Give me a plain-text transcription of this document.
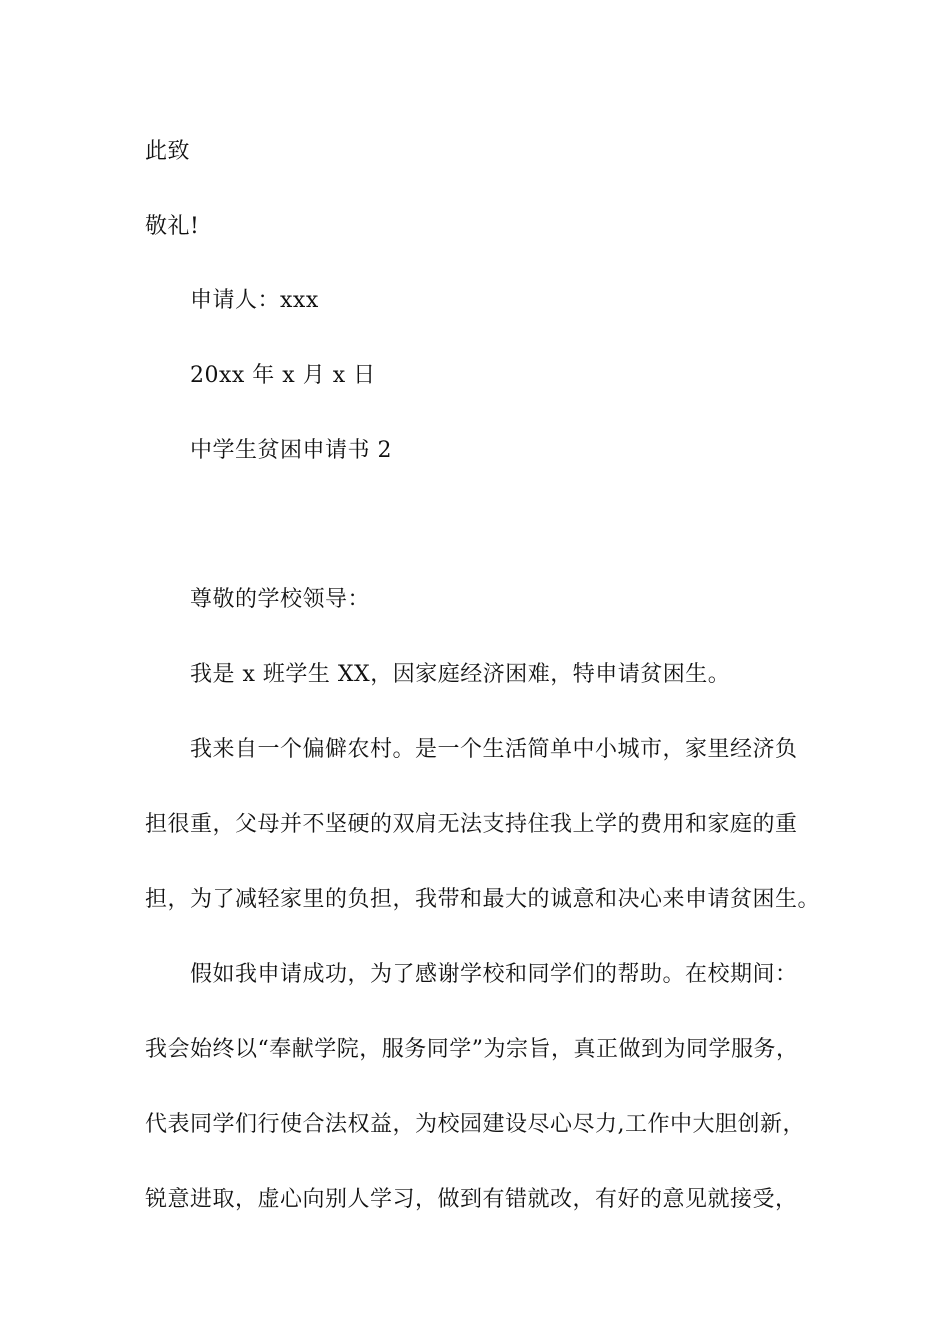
此致
敬礼!
申请人：xxx
20xx 年 x 月 x 日
中学生贫困申请书 2
尊敬的学校领导：
我是 x 班学生 XX，因家庭经济困难，特申请贫困生。
我来自一个偏僻农村。是一个生活简单中小城市，家里经济负
担很重，父母并不坚硬的双肩无法支持住我上学的费用和家庭的重
担，为了减轻家里的负担，我带和最大的诚意和决心来申请贫困生。
假如我申请成功，为了感谢学校和同学们的帮助。在校期间：
我会始终以“奉献学院，服务同学”为宗旨，真正做到为同学服务，
代表同学们行使合法权益，为校园建设尽心尽力,工作中大胆创新，
锐意进取，虚心向别人学习，做到有错就改，有好的意见就接受，
